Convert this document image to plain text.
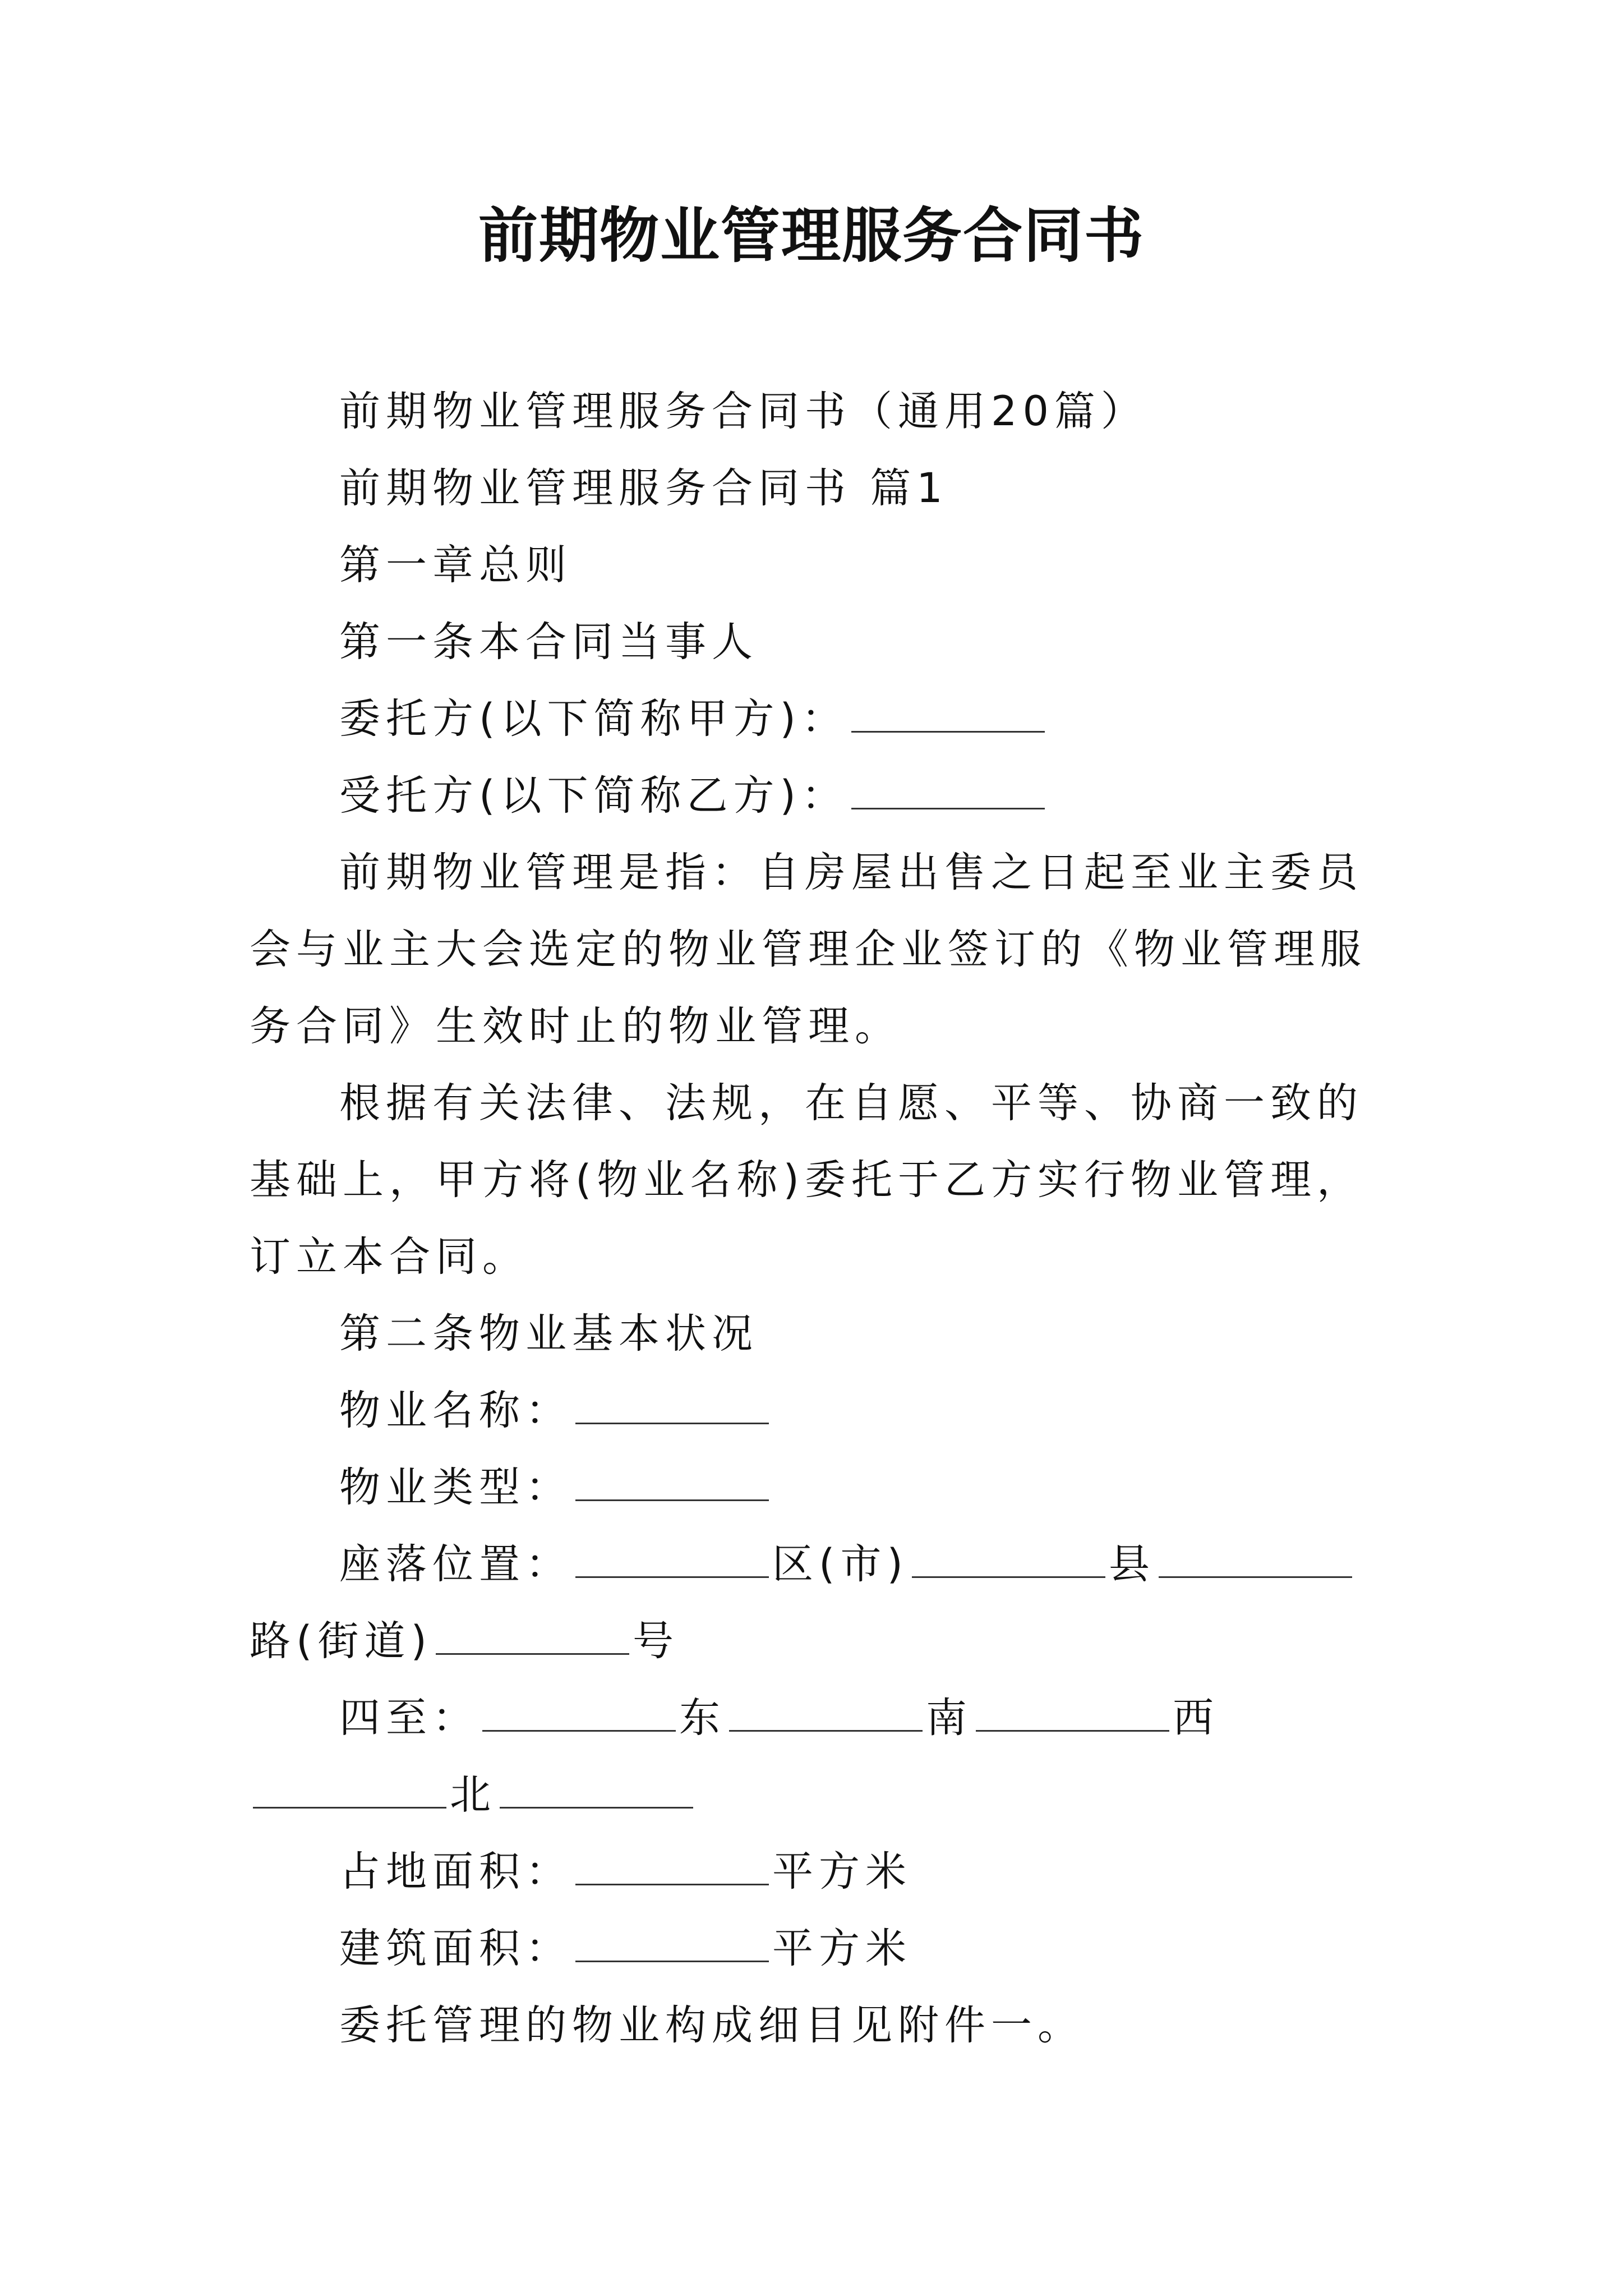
前期物业管理服务合同书

前期物业管理服务合同书（通用20篇）

前期物业管理服务合同书 篇1

第一章总则

第一条本合同当事人

委托方(以下简称甲方)：

受托方(以下简称乙方)：

前期物业管理是指：自房屋出售之日起至业主委员会与业主大会选定的物业管理企业签订的《物业管理服务合同》生效时止的物业管理。

根据有关法律、法规，在自愿、平等、协商一致的基础上，甲方将(物业名称)委托于乙方实行物业管理，订立本合同。

第二条物业基本状况

物业名称：

物业类型：

座落位置：	区(市)	县路(街道)	号

四至：	东	南	西北

占地面积：	平方米

建筑面积：	平方米

委托管理的物业构成细目见附件一。
